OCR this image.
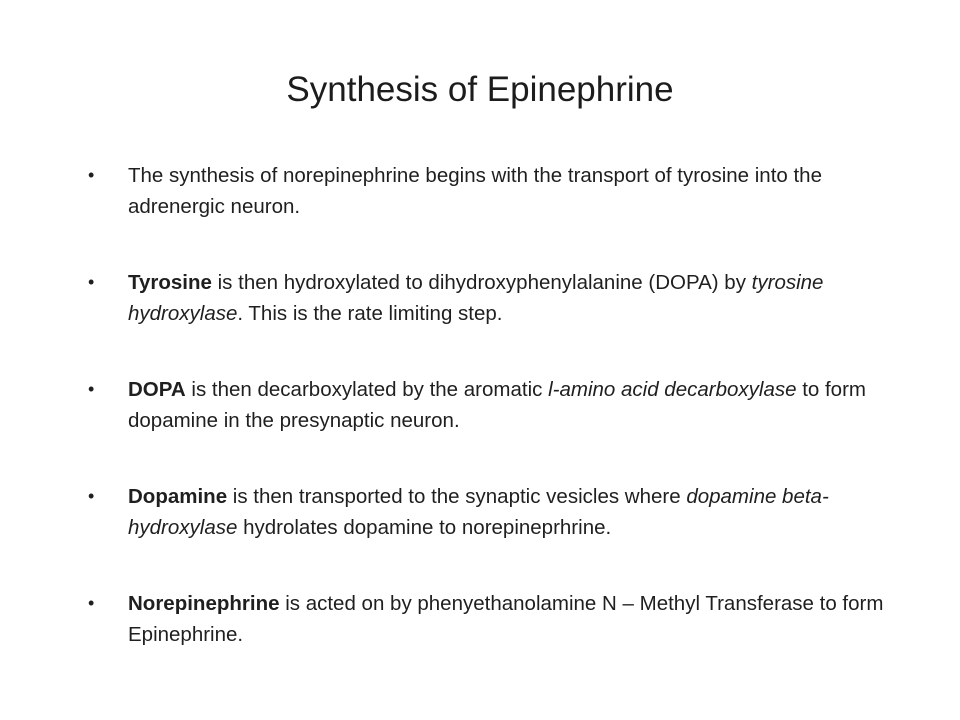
Synthesis of Epinephrine
• The synthesis of norepinephrine begins with the transport of tyrosine into the adrenergic neuron.
• Tyrosine is then hydroxylated to dihydroxyphenylalanine (DOPA) by tyrosine hydroxylase. This is the rate limiting step.
• DOPA is then decarboxylated by the aromatic l-amino acid decarboxylase to form dopamine in the presynaptic neuron.
• Dopamine is then transported to the synaptic vesicles where dopamine beta-hydroxylase hydrolates dopamine to norepineprhrine.
• Norepinephrine is acted on by phenyethanolamine N – Methyl Transferase to form Epinephrine.
